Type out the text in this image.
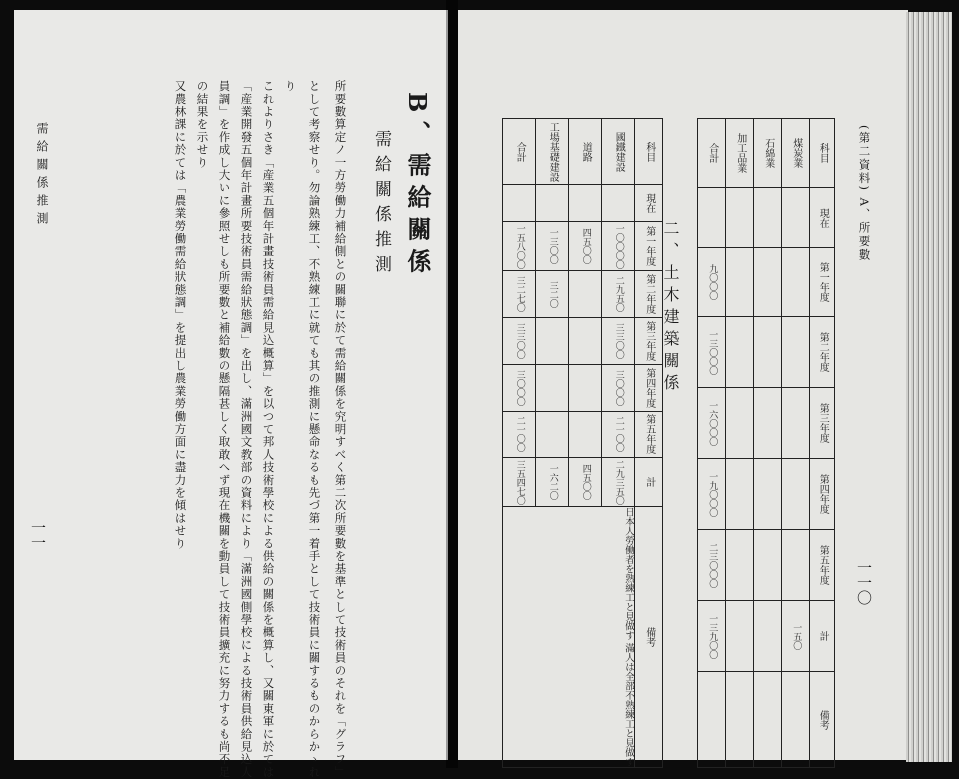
需給關係推測	B、需給關係
需給關係推測
所要數算定ノ一方勞働力補給側との關聯に於て需給關係を究明すべく第二次所要數を基準として技術員のそれを「グラフ」
として考察せり。勿論熟練工、不熟練工に就ても其の推測に懸命なるも先づ第一着手として技術員に關するものからかゝれ
り
これよりさき「産業五個年計畫技術員需給見込概算」を以つて邦人技術學校による供給の關係を概算し、又關東軍に於ては
「産業開發五個年計畫所要技術員需給狀態調」を出し、滿洲國文教部の資料により「滿洲國側學校による技術員供給見込人
員調」を作成し大いに參照せしも所要數と補給數の懸隔甚しく取敢へず現在機關を動員して技術員擴充に努力するも尚不足
の結果を示せり
又農林課に於ては「農業勞働需給狀態調」を提出し農業勞働方面に盡力を傾はせり
一一
一一〇
(第二資料) A、所要數
科目	現在	第一年度	第二年度	第三年度	第四年度	第五年度	計	備考
煤炭業							一五〇	
石綿業								
加工品業								
合計		九〇〇〇	一三〇〇〇	一六〇〇〇	一九〇〇〇	二三〇〇〇	一三九〇〇	
二、土木建築關係
科目	現在	第一年度	第二年度	第三年度	第四年度	第五年度	計	備考
國鐵建設		一〇〇〇〇	二九五〇	三三〇〇	三〇〇〇	二一〇〇	二九三五〇	日本人勞働者を熟練工と見做す 滿人は全部不熟練工と見做す
道路		四五〇〇					四五〇〇
工場基礎建設		一三〇〇	三二〇				一六二〇
合計		一五八〇〇	三二七〇	三三〇〇	三〇〇〇	二一〇〇	三五四七〇
